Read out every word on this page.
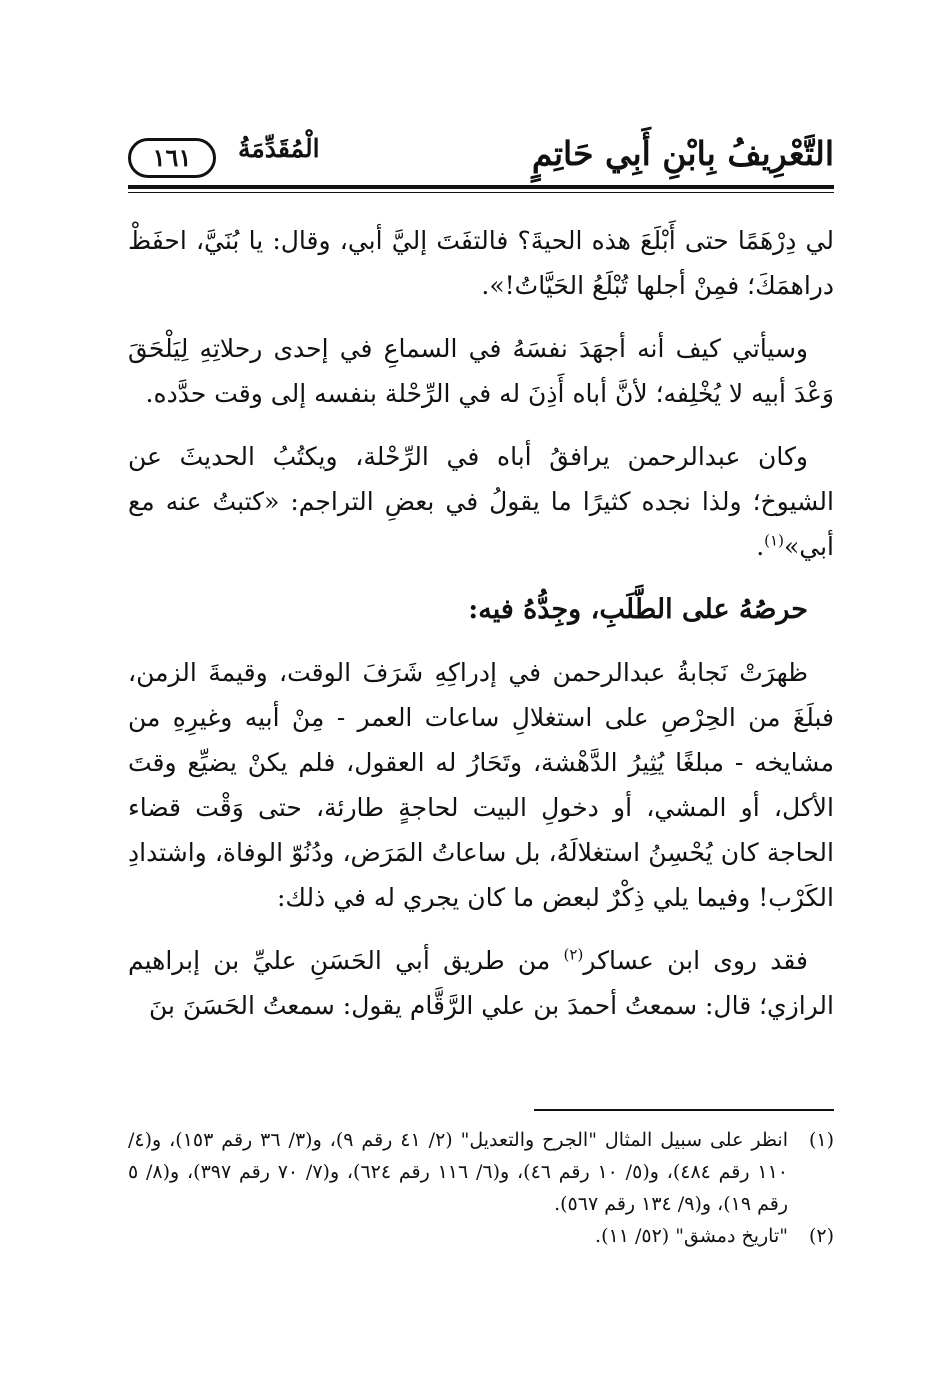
التَّعْرِيفُ بِابْنِ أَبِي حَاتِمٍ
الْمُقَدِّمَةُ
١٦١

لي دِرْهَمًا حتى أَبْلَعَ هذه الحيةَ؟ فالتفَتَ إليَّ أبي، وقال: يا بُنَيَّ، احفَظْ دراهمَكَ؛ فمِنْ أجلها تُبْلَعُ الحَيَّاتُ!».

وسيأتي كيف أنه أجهَدَ نفسَهُ في السماعِ في إحدى رحلاتِهِ لِيَلْحَقَ وَعْدَ أبيه لا يُخْلِفه؛ لأنَّ أباه أَذِنَ له في الرِّحْلة بنفسه إلى وقت حدَّده.

وكان عبدالرحمن يرافقُ أباه في الرِّحْلة، ويكتُبُ الحديثَ عن الشيوخ؛ ولذا نجده كثيرًا ما يقولُ في بعضِ التراجم: «كتبتُ عنه مع أبي»$^{(١)}$.

حرصُهُ على الطَّلَبِ، وجِدُّهُ فيه:

ظهرَتْ نَجابةُ عبدالرحمن في إدراكِهِ شَرَفَ الوقت، وقيمةَ الزمن، فبلَغَ من الحِرْصِ على استغلالِ ساعات العمر - مِنْ أبيه وغيرِهِ من مشايخه - مبلغًا يُثِيرُ الدَّهْشة، وتَحَارُ له العقول، فلم يكنْ يضيِّع وقتَ الأكل، أو المشي، أو دخولِ البيت لحاجةٍ طارئة، حتى وَقْت قضاء الحاجة كان يُحْسِنُ استغلالَهُ، بل ساعاتُ المَرَض، ودُنُوّ الوفاة، واشتدادِ الكَرْب! وفيما يلي ذِكْرٌ لبعض ما كان يجري له في ذلك:

فقد روى ابن عساكر$^{(٢)}$ من طريق أبي الحَسَنِ عليِّ بن إبراهيم الرازي؛ قال: سمعتُ أحمدَ بن علي الرَّقَّام يقول: سمعتُ الحَسَنَ بنَ

(١)
انظر على سبيل المثال "الجرح والتعديل" (٢/ ٤١ رقم ٩)، و(٣/ ٣٦ رقم ١٥٣)، و(٤/ ١١٠ رقم ٤٨٤)، و(٥/ ١٠ رقم ٤٦)، و(٦/ ١١٦ رقم ٦٢٤)، و(٧/ ٧٠ رقم ٣٩٧)، و(٨/ ٥ رقم ١٩)، و(٩/ ١٣٤ رقم ٥٦٧).
(٢)
"تاريخ دمشق" (٥٢/ ١١).
